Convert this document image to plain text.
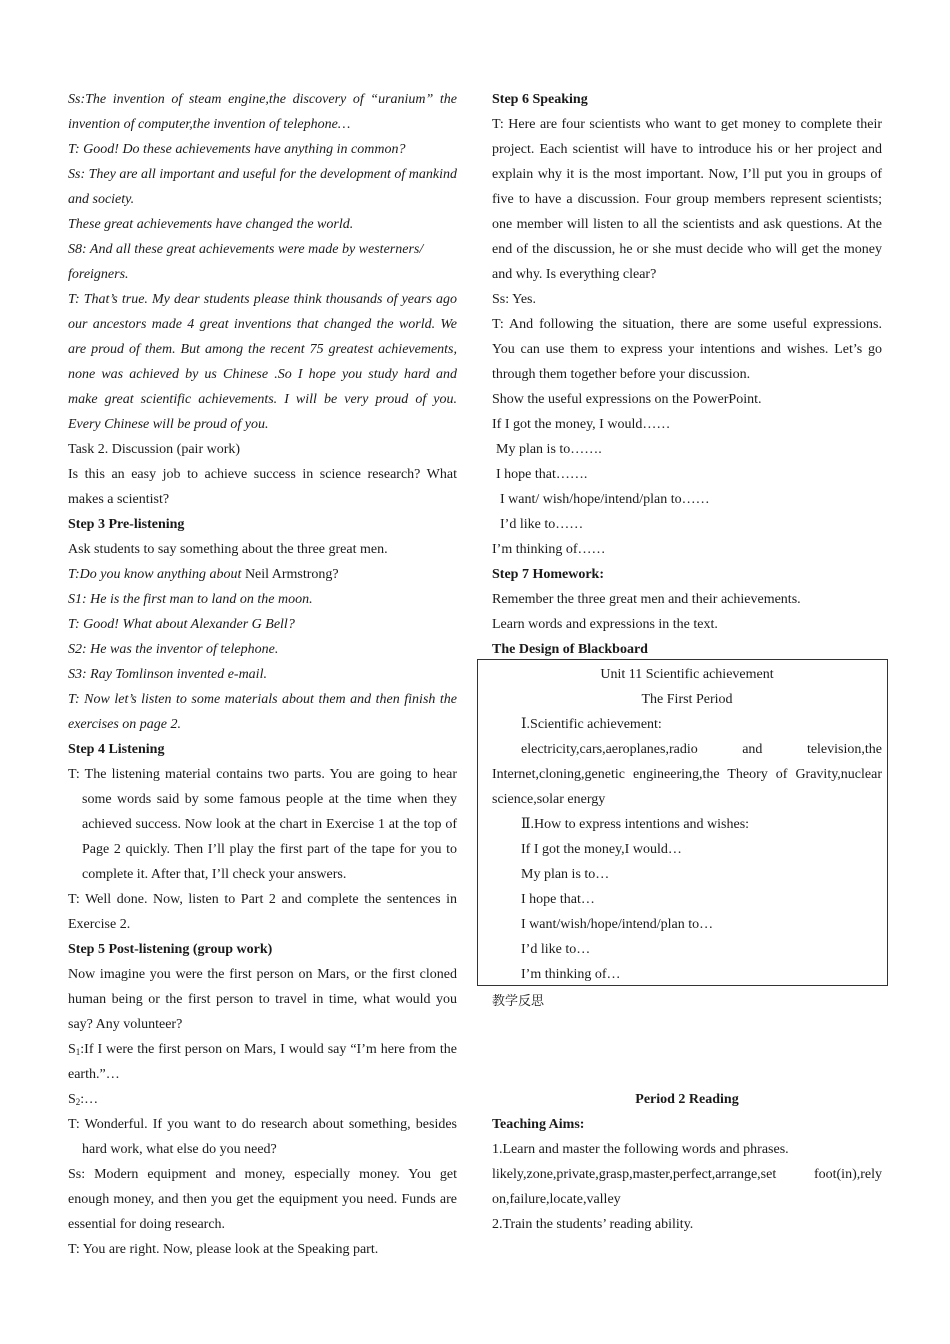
Ss:The invention of steam engine,the discovery of “uranium” the invention of computer,the invention of telephone…

T: Good! Do these achievements have anything in common?

Ss: They are all important and useful for the development of mankind and society.

These great achievements have changed the world.

S8: And all these great achievements were made by westerners/ foreigners.

T: That’s true. My dear students please think thousands of years ago our ancestors made 4 great inventions that changed the world. We are proud of them. But among the recent 75 greatest achievements, none was achieved by us Chinese .So I hope you study hard and make great scientific achievements. I will be very proud of you. Every Chinese will be proud of you.

Task 2. Discussion (pair work)

Is this an easy job to achieve success in science research? What makes a scientist?

Step 3 Pre-listening

Ask students to say something about the three great men.

T:Do you know anything about Neil Armstrong?

S1: He is the first man to land on the moon.

T: Good! What about Alexander G Bell?

S2: He was the inventor of telephone.

S3: Ray Tomlinson invented e-mail.

T: Now let’s listen to some materials about them and then finish the exercises on page 2.

Step 4 Listening

T: The listening material contains two parts. You are going to hear some words said by some famous people at the time when they achieved success. Now look at the chart in Exercise 1 at the top of Page 2 quickly. Then I’ll play the first part of the tape for you to complete it. After that, I’ll check your answers.

T: Well done. Now, listen to Part 2 and complete the sentences in Exercise 2.

Step 5 Post-listening (group work)

Now imagine you were the first person on Mars, or the first cloned human being or the first person to travel in time, what would you say? Any volunteer?

$S_1:If$ I were the first person on Mars, I would say “I’m here from the earth.”…

$S_2:\dots$

T: Wonderful. If you want to do research about something, besides hard work, what else do you need?

Ss: Modern equipment and money, especially money. You get enough money, and then you get the equipment you need. Funds are essential for doing research.

T: You are right. Now, please look at the Speaking part.

Step 6 Speaking

T: Here are four scientists who want to get money to complete their project. Each scientist will have to introduce his or her project and explain why it is the most important. Now, I’ll put you in groups of five to have a discussion. Four group members represent scientists; one member will listen to all the scientists and ask questions. At the end of the discussion, he or she must decide who will get the money and why. Is everything clear?

Ss: Yes.

T: And following the situation, there are some useful expressions. You can use them to express your intentions and wishes. Let’s go through them together before your discussion.

Show the useful expressions on the PowerPoint.

If I got the money, I would……

My plan is to…….

I hope that…….

I want/ wish/hope/intend/plan to……

I’d like to……

I’m thinking of……

Step 7 Homework:

Remember the three great men and their achievements.

Learn words and expressions in the text.

The Design of Blackboard

Unit 11 Scientific achievement

The First Period

Ⅰ.Scientific achievement:

electricity,cars,aeroplanes,radio	and	television,the

Internet,cloning,genetic engineering,the Theory of Gravity,nuclear science,solar energy

Ⅱ.How to express intentions and wishes:

If I got the money,I would…

My plan is to…

I hope that…

I want/wish/hope/intend/plan to…

I’d like to…

I’m thinking of…

教学反思

Period 2 Reading

Teaching Aims:

1.Learn and master the following words and phrases.

likely,zone,private,grasp,master,perfect,arrange,set	foot(in),rely

on,failure,locate,valley

2.Train the students’ reading ability.
